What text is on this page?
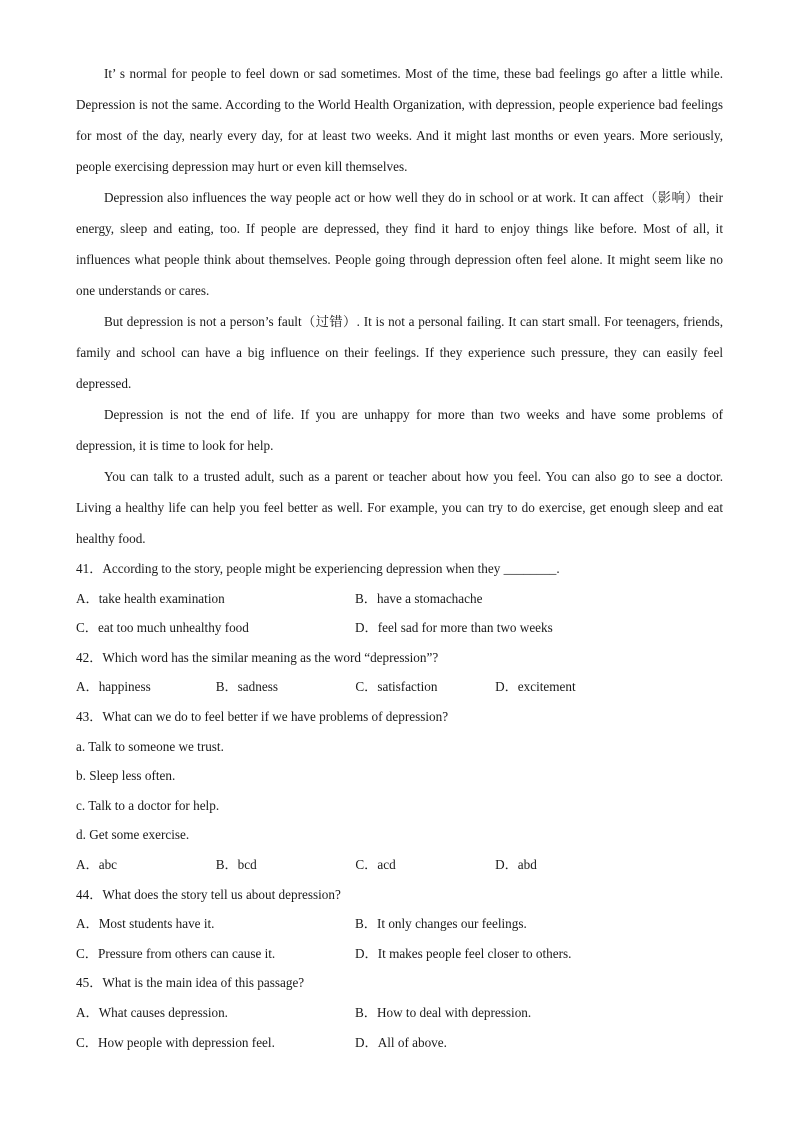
It’ s normal for people to feel down or sad sometimes. Most of the time, these bad feelings go after a little while. Depression is not the same. According to the World Health Organization, with depression, people experience bad feelings for most of the day, nearly every day, for at least two weeks. And it might last months or even years. More seriously, people exercising depression may hurt or even kill themselves.

Depression also influences the way people act or how well they do in school or at work. It can affect（影响）their energy, sleep and eating, too. If people are depressed, they find it hard to enjoy things like before. Most of all, it influences what people think about themselves. People going through depression often feel alone. It might seem like no one understands or cares.

But depression is not a person’s fault（过错）. It is not a personal failing. It can start small. For teenagers, friends, family and school can have a big influence on their feelings. If they experience such pressure, they can easily feel depressed.

Depression is not the end of life. If you are unhappy for more than two weeks and have some problems of depression, it is time to look for help.

You can talk to a trusted adult, such as a parent or teacher about how you feel. You can also go to see a doctor. Living a healthy life can help you feel better as well. For example, you can try to do exercise, get enough sleep and eat healthy food.

41．According to the story, people might be experiencing depression when they ________.
A．take health examination	B．have a stomachache
C．eat too much unhealthy food	D．feel sad for more than two weeks
42．Which word has the similar meaning as the word “depression”?
A．happiness	B．sadness	C．satisfaction	D．excitement
43．What can we do to feel better if we have problems of depression?
a. Talk to someone we trust.
b. Sleep less often.
c. Talk to a doctor for help.
d. Get some exercise.
A．abc	B．bcd	C．acd	D．abd
44．What does the story tell us about depression?
A．Most students have it.	B．It only changes our feelings.
C．Pressure from others can cause it.	D．It makes people feel closer to others.
45．What is the main idea of this passage?
A．What causes depression.	B．How to deal with depression.
C．How people with depression feel.	D．All of above.
